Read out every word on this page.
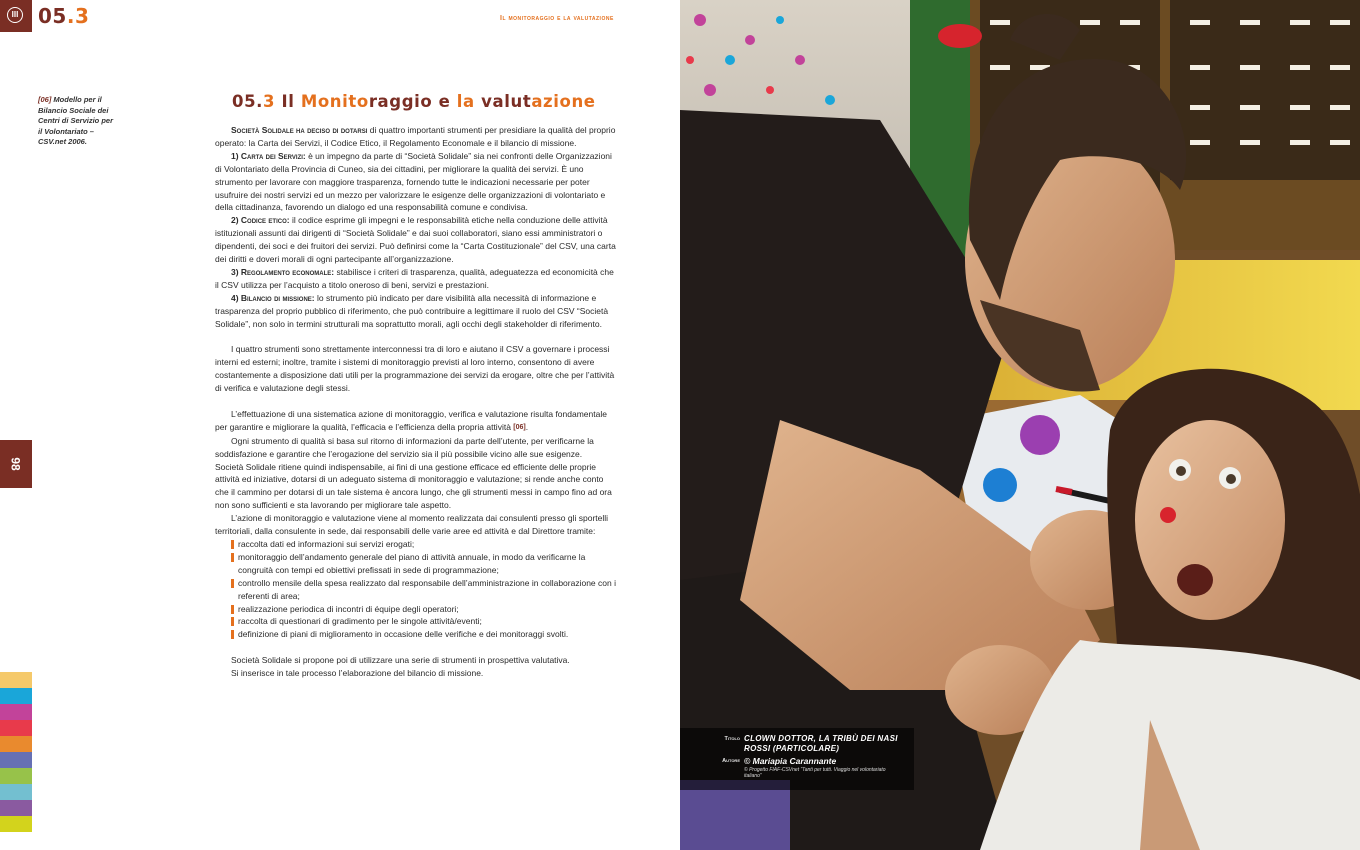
III 05.3	Il monitoraggio e la valutazione
[06] Modello per il Bilancio Sociale dei Centri di Servizio per il Volontariato – CSV.net 2006.
98
05.3 Il Monitoraggio e la valutazione

Società Solidale ha deciso di dotarsi di quattro importanti strumenti per presidiare la qualità del proprio operato: la Carta dei Servizi, il Codice Etico, il Regolamento Economale e il bilancio di missione.

1) Carta dei Servizi: è un impegno da parte di “Società Solidale” sia nei confronti delle Organizzazioni di Volontariato della Provincia di Cuneo, sia dei cittadini, per migliorare la qualità dei servizi. È uno strumento per lavorare con maggiore trasparenza, fornendo tutte le indicazioni necessarie per poter usufruire dei nostri servizi ed un mezzo per valorizzare le esigenze delle organizzazioni di volontariato e della cittadinanza, favorendo un dialogo ed una responsabilità comune e condivisa.

2) Codice etico: il codice esprime gli impegni e le responsabilità etiche nella conduzione delle attività istituzionali assunti dai dirigenti di “Società Solidale” e dai suoi collaboratori, siano essi amministratori o dipendenti, dei soci e dei fruitori dei servizi. Può definirsi come la “Carta Costituzionale” del CSV, una carta dei diritti e doveri morali di ogni partecipante all’organizzazione.

3) Regolamento economale: stabilisce i criteri di trasparenza, qualità, adeguatezza ed economicità che il CSV utilizza per l’acquisto a titolo oneroso di beni, servizi e prestazioni.

4) Bilancio di missione: lo strumento più indicato per dare visibilità alla necessità di informazione e trasparenza del proprio pubblico di riferimento, che può contribuire a legittimare il ruolo del CSV “Società Solidale”, non solo in termini strutturali ma soprattutto morali, agli occhi degli stakeholder di riferimento.

I quattro strumenti sono strettamente interconnessi tra di loro e aiutano il CSV a governare i processi interni ed esterni; inoltre, tramite i sistemi di monitoraggio previsti al loro interno, consentono di avere costantemente a disposizione dati utili per la programmazione dei servizi da erogare, oltre che per l’attività di verifica e valutazione degli stessi.

L’effettuazione di una sistematica azione di monitoraggio, verifica e valutazione risulta fondamentale per garantire e migliorare la qualità, l’efficacia e l’efficienza della propria attività [06].

Ogni strumento di qualità si basa sul ritorno di informazioni da parte dell’utente, per verificarne la soddisfazione e garantire che l’erogazione del servizio sia il più possibile vicino alle sue esigenze.

Società Solidale ritiene quindi indispensabile, ai fini di una gestione efficace ed efficiente delle proprie attività ed iniziative, dotarsi di un adeguato sistema di monitoraggio e valutazione; si rende anche conto che il cammino per dotarsi di un tale sistema è ancora lungo, che gli strumenti messi in campo fino ad ora non sono sufficienti e sta lavorando per migliorare tale aspetto.

L’azione di monitoraggio e valutazione viene al momento realizzata dai consulenti presso gli sportelli territoriali, dalla consulente in sede, dai responsabili delle varie aree ed attività e dal Direttore tramite:

raccolta dati ed informazioni sui servizi erogati;
monitoraggio dell’andamento generale del piano di attività annuale, in modo da verificarne la congruità con tempi ed obiettivi prefissati in sede di programmazione;
controllo mensile della spesa realizzato dal responsabile dell’amministrazione in collaborazione con i referenti di area;
realizzazione periodica di incontri di équipe degli operatori;
raccolta di questionari di gradimento per le singole attività/eventi;
definizione di piani di miglioramento in occasione delle verifiche e dei monitoraggi svolti.

Società Solidale si propone poi di utilizzare una serie di strumenti in prospettiva valutativa.

Si inserisce in tale processo l’elaborazione del bilancio di missione.

Titolo CLOWN DOTTOR, LA TRIBÙ DEI NASI ROSSI (PARTICOLARE)
Autore © Mariapia Carannante
© Progetto FIAF-CSVnet “Tanti per tutti. Viaggio nel volontariato italiano”
